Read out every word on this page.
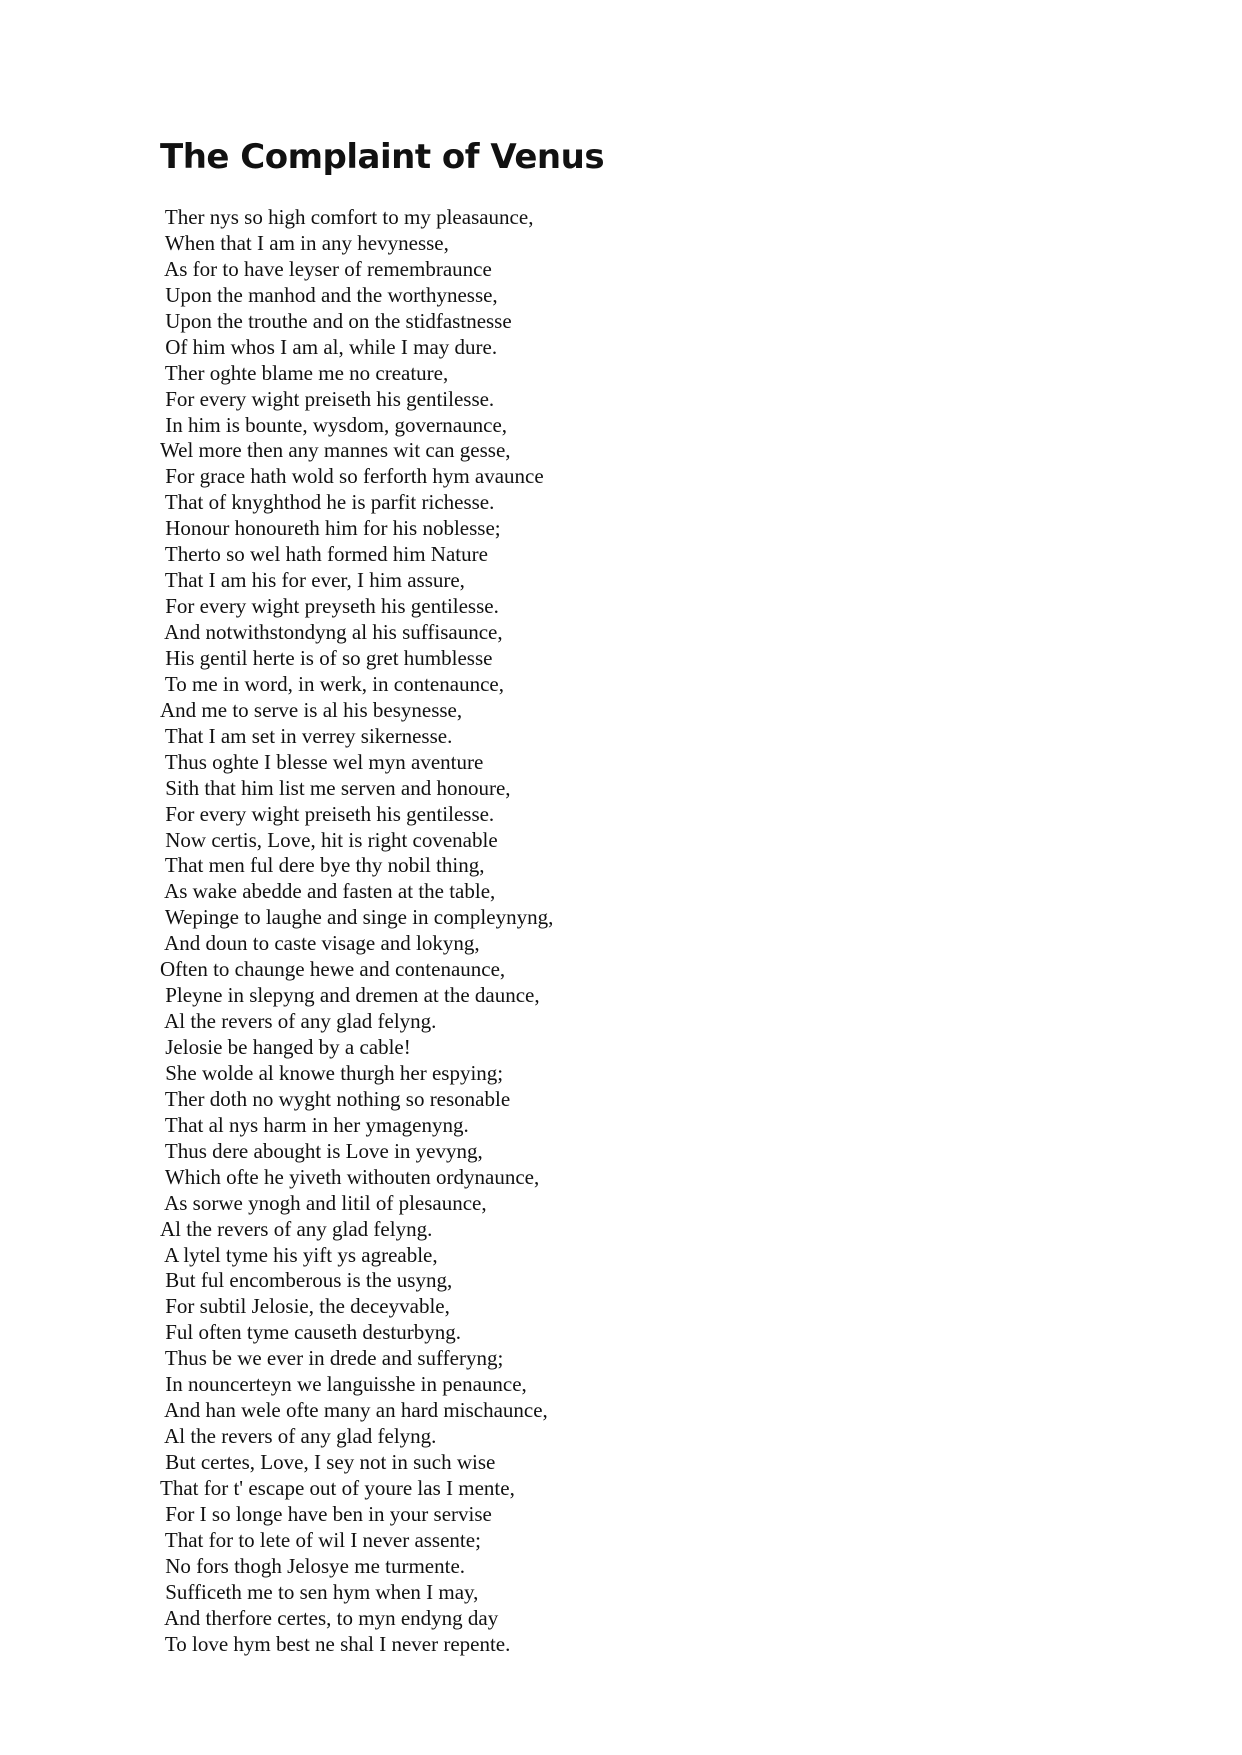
The Complaint of Venus
Ther nys so high comfort to my pleasaunce,
When that I am in any hevynesse,
As for to have leyser of remembraunce
Upon the manhod and the worthynesse,
Upon the trouthe and on the stidfastnesse
Of him whos I am al, while I may dure.
Ther oghte blame me no creature,
For every wight preiseth his gentilesse.
In him is bounte, wysdom, governaunce,
Wel more then any mannes wit can gesse,
For grace hath wold so ferforth hym avaunce
That of knyghthod he is parfit richesse.
Honour honoureth him for his noblesse;
Therto so wel hath formed him Nature
That I am his for ever, I him assure,
For every wight preyseth his gentilesse.
And notwithstondyng al his suffisaunce,
His gentil herte is of so gret humblesse
To me in word, in werk, in contenaunce,
And me to serve is al his besynesse,
That I am set in verrey sikernesse.
Thus oghte I blesse wel myn aventure
Sith that him list me serven and honoure,
For every wight preiseth his gentilesse.
Now certis, Love, hit is right covenable
That men ful dere bye thy nobil thing,
As wake abedde and fasten at the table,
Wepinge to laughe and singe in compleynyng,
And doun to caste visage and lokyng,
Often to chaunge hewe and contenaunce,
Pleyne in slepyng and dremen at the daunce,
Al the revers of any glad felyng.
Jelosie be hanged by a cable!
She wolde al knowe thurgh her espying;
Ther doth no wyght nothing so resonable
That al nys harm in her ymagenyng.
Thus dere abought is Love in yevyng,
Which ofte he yiveth withouten ordynaunce,
As sorwe ynogh and litil of plesaunce,
Al the revers of any glad felyng.
A lytel tyme his yift ys agreable,
But ful encomberous is the usyng,
For subtil Jelosie, the deceyvable,
Ful often tyme causeth desturbyng.
Thus be we ever in drede and sufferyng;
In nouncerteyn we languisshe in penaunce,
And han wele ofte many an hard mischaunce,
Al the revers of any glad felyng.
But certes, Love, I sey not in such wise
That for t' escape out of youre las I mente,
For I so longe have ben in your servise
That for to lete of wil I never assente;
No fors thogh Jelosye me turmente.
Sufficeth me to sen hym when I may,
And therfore certes, to myn endyng day
To love hym best ne shal I never repente.
